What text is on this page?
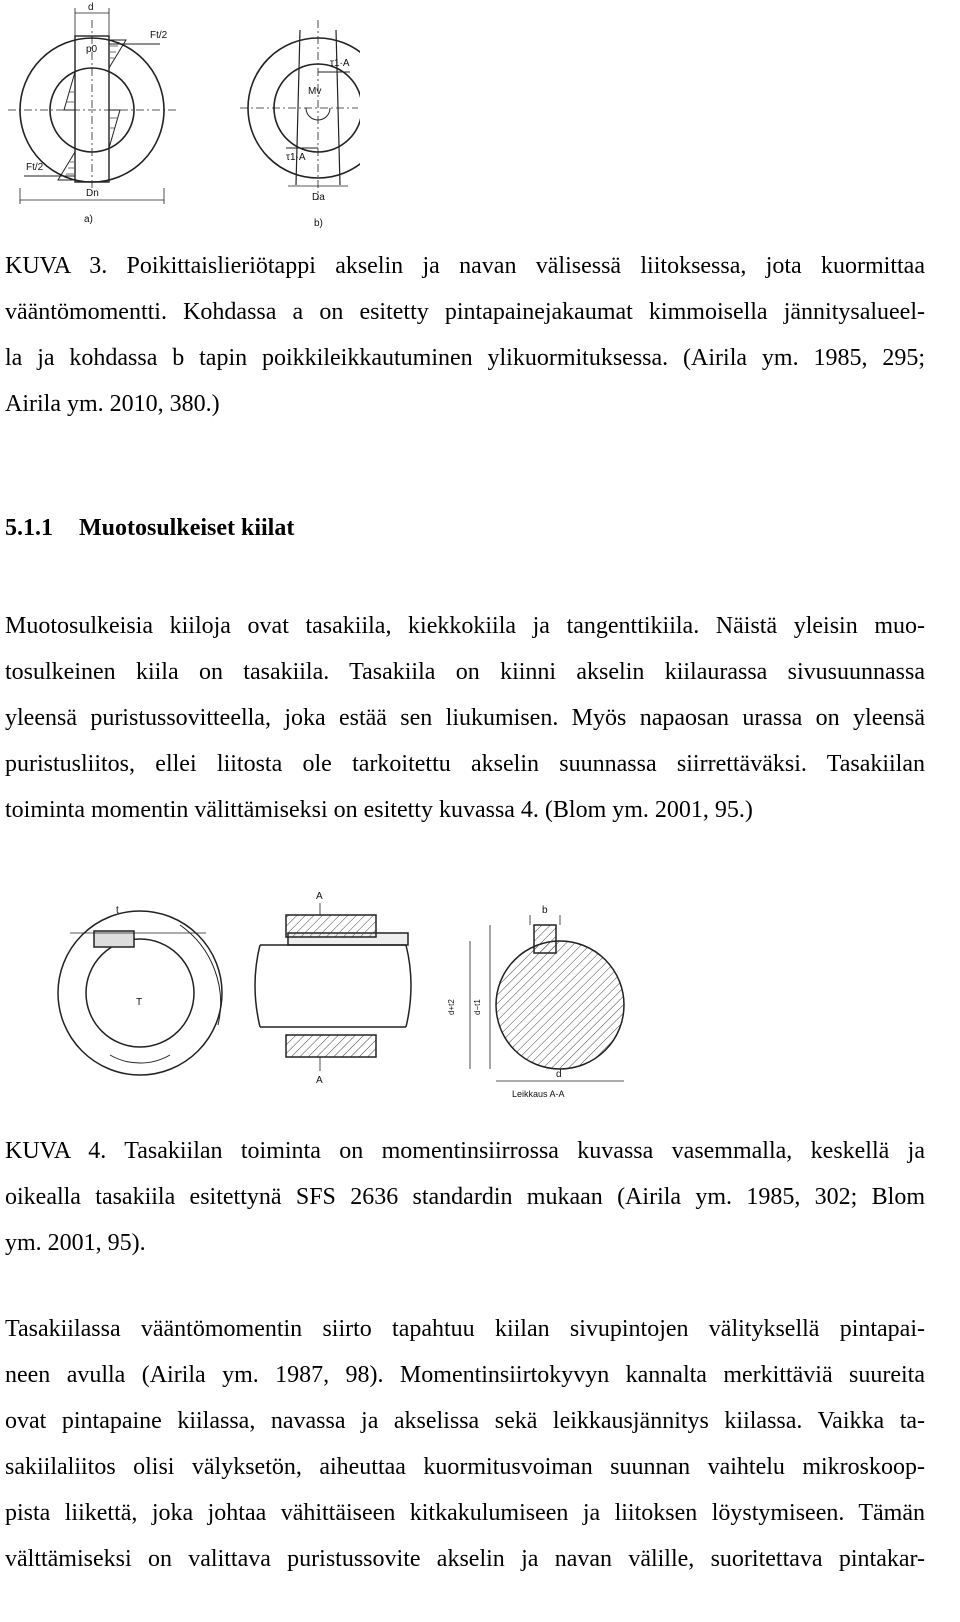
d
p0
Ft/2
Ft/2
Dn
a)
τ1·A
τ1·A
Mv
Da
b)
KUVA 3. Poikittaislieriötappi akselin ja navan välisessä liitoksessa, jota kuormittaa
vääntömomentti. Kohdassa a on esitetty pintapainejakaumat kimmoisella jännitysalueel-
la ja kohdassa b tapin poikkileikkautuminen ylikuormituksessa. (Airila ym. 1985, 295;
Airila ym. 2010, 380.)
5.1.1 Muotosulkeiset kiilat
Muotosulkeisia kiiloja ovat tasakiila, kiekkokiila ja tangenttikiila. Näistä yleisin muo-
tosulkeinen kiila on tasakiila. Tasakiila on kiinni akselin kiilaurassa sivusuunnassa
yleensä puristussovitteella, joka estää sen liukumisen. Myös napaosan urassa on yleensä
puristusliitos, ellei liitosta ole tarkoitettu akselin suunnassa siirrettäväksi. Tasakiilan
toiminta momentin välittämiseksi on esitetty kuvassa 4. (Blom ym. 2001, 95.)
t
T
A
A
b
d
d+t2 d−t1
Leikkaus A-A
KUVA 4. Tasakiilan toiminta on momentinsiirrossa kuvassa vasemmalla, keskellä ja
oikealla tasakiila esitettynä SFS 2636 standardin mukaan (Airila ym. 1985, 302; Blom
ym. 2001, 95).
Tasakiilassa vääntömomentin siirto tapahtuu kiilan sivupintojen välityksellä pintapai-
neen avulla (Airila ym. 1987, 98). Momentinsiirtokyvyn kannalta merkittäviä suureita
ovat pintapaine kiilassa, navassa ja akselissa sekä leikkausjännitys kiilassa. Vaikka ta-
sakiilaliitos olisi välyksetön, aiheuttaa kuormitusvoiman suunnan vaihtelu mikroskoop-
pista liikettä, joka johtaa vähittäiseen kitkakulumiseen ja liitoksen löystymiseen. Tämän
välttämiseksi on valittava puristussovite akselin ja navan välille, suoritettava pintakar-
